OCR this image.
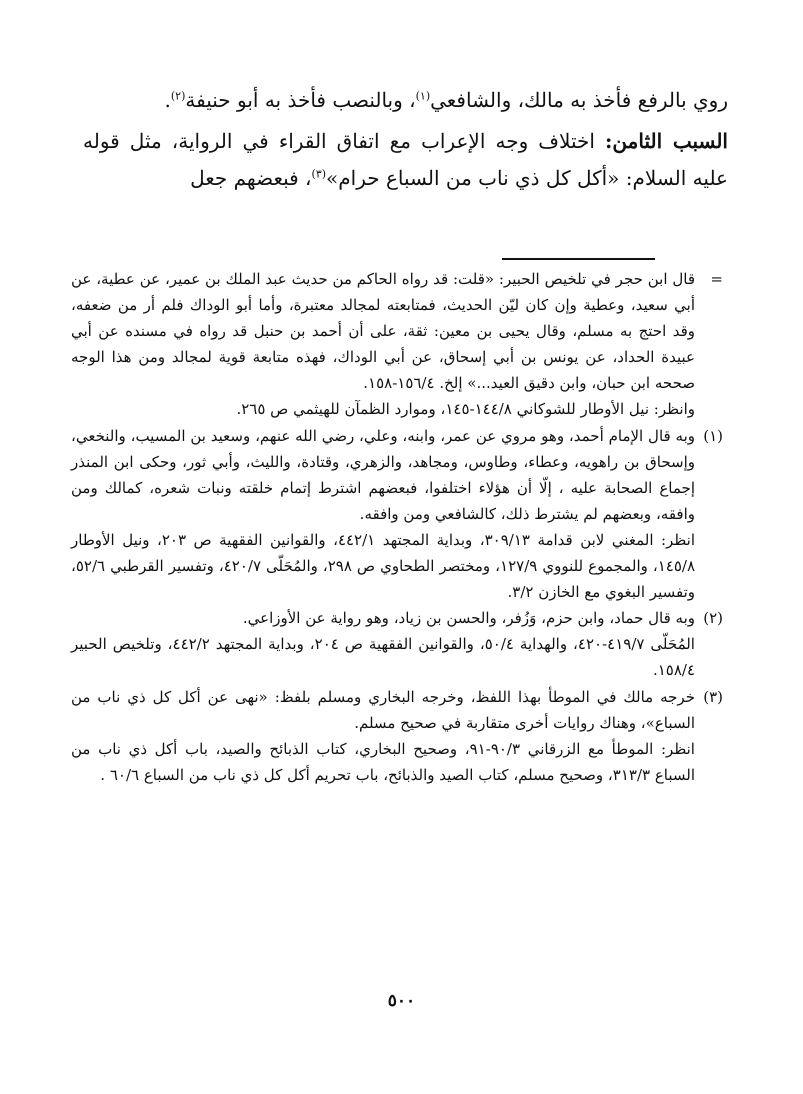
روي بالرفع فأخذ به مالك، والشافعي$^{(١)}$، وبالنصب فأخذ به أبو حنيفة$^{(٢)}$.

السبب الثامن: اختلاف وجه الإعراب مع اتفاق القراء في الرواية، مثل قوله عليه السلام: «أكل كل ذي ناب من السباع حرام»$^{(٣)}$، فبعضهم جعل

=

قال ابن حجر في تلخيص الحبير: «قلت: قد رواه الحاكم من حديث عبد الملك بن عمير، عن عطية، عن أبي سعيد، وعطية وإن كان ليّن الحديث، فمتابعته لمجالد معتبرة، وأما أبو الوداك فلم أر من ضعفه، وقد احتج به مسلم، وقال يحيى بن معين: ثقة، على أن أحمد بن حنبل قد رواه في مسنده عن أبي عبيدة الحداد، عن يونس بن أبي إسحاق، عن أبي الوداك، فهذه متابعة قوية لمجالد ومن هذا الوجه صححه ابن حبان، وابن دقيق العيد...» إلخ. ١٥٦/٤-١٥٨.

وانظر: نيل الأوطار للشوكاني ١٤٤/٨-١٤٥، وموارد الظمآن للهيثمي ص ٢٦٥.

(١)

وبه قال الإمام أحمد، وهو مروي عن عمر، وابنه، وعلي، رضي الله عنهم، وسعيد بن المسيب، والنخعي، وإسحاق بن راهويه، وعطاء، وطاوس، ومجاهد، والزهري، وقتادة، والليث، وأبي ثور، وحكى ابن المنذر إجماع الصحابة عليه ، إلّا أن هؤلاء اختلفوا، فبعضهم اشترط إتمام خلقته ونبات شعره، كمالك ومن وافقه، وبعضهم لم يشترط ذلك، كالشافعي ومن وافقه.

انظر: المغني لابن قدامة ٣٠٩/١٣، وبداية المجتهد ٤٤٢/١، والقوانين الفقهية ص ٢٠٣، ونيل الأوطار ١٤٥/٨، والمجموع للنووي ١٢٧/٩، ومختصر الطحاوي ص ٢٩٨، والمُحَلّى ٤٢٠/٧، وتفسير القرطبي ٥٢/٦، وتفسير البغوي مع الخازن ٣/٢.

(٢)

وبه قال حماد، وابن حزم، وَزُفر، والحسن بن زياد، وهو رواية عن الأوزاعي.

المُحَلّى ٤١٩/٧-٤٢٠، والهداية ٥٠/٤، والقوانين الفقهية ص ٢٠٤، وبداية المجتهد ٤٤٢/٢، وتلخيص الحبير ١٥٨/٤.

(٣)

خرجه مالك في الموطأ بهذا اللفظ، وخرجه البخاري ومسلم بلفظ: «نهى عن أكل كل ذي ناب من السباع»، وهناك روايات أخرى متقاربة في صحيح مسلم.

انظر: الموطأ مع الزرقاني ٩٠/٣-٩١، وصحيح البخاري، كتاب الذبائح والصيد، باب أكل ذي ناب من السباع ٣١٣/٣، وصحيح مسلم، كتاب الصيد والذبائح، باب تحريم أكل كل ذي ناب من السباع ٦٠/٦ .

٥٠٠
